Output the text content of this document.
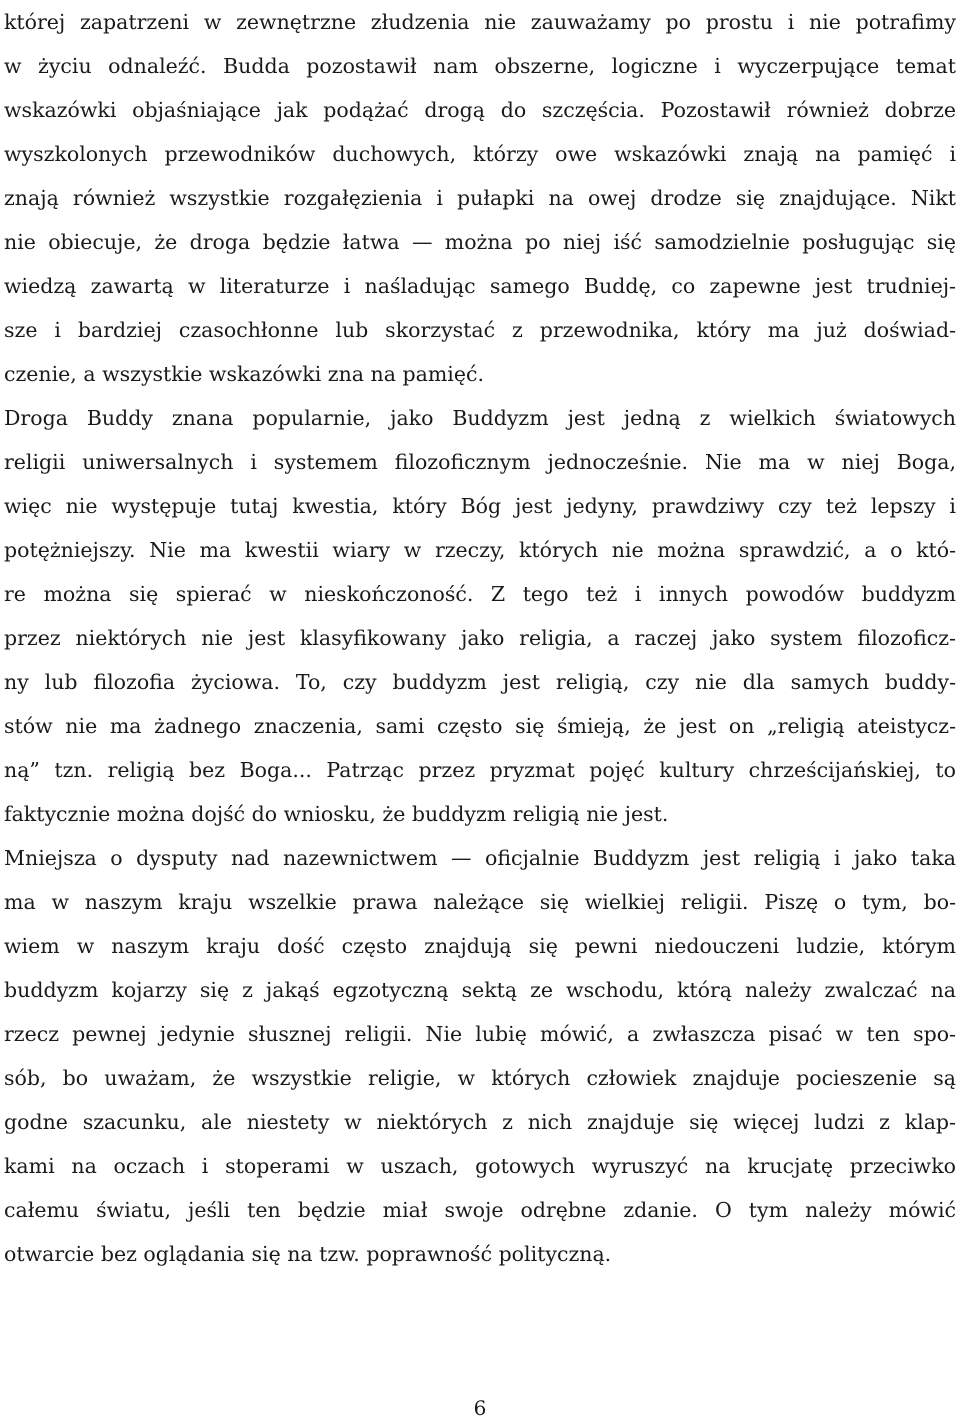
której zapatrzeni w zewnętrzne złudzenia nie zauważamy po prostu i nie potrafimy
w życiu odnaleźć. Budda pozostawił nam obszerne, logiczne i wyczerpujące temat
wskazówki objaśniające jak podążać drogą do szczęścia. Pozostawił również dobrze
wyszkolonych przewodników duchowych, którzy owe wskazówki znają na pamięć i
znają również wszystkie rozgałęzienia i pułapki na owej drodze się znajdujące. Nikt
nie obiecuje, że droga będzie łatwa — można po niej iść samodzielnie posługując się
wiedzą zawartą w literaturze i naśladując samego Buddę, co zapewne jest trudniej-
sze i bardziej czasochłonne lub skorzystać z przewodnika, który ma już doświad-
czenie, a wszystkie wskazówki zna na pamięć.
Droga Buddy znana popularnie, jako Buddyzm jest jedną z wielkich światowych
religii uniwersalnych i systemem filozoficznym jednocześnie. Nie ma w niej Boga,
więc nie występuje tutaj kwestia, który Bóg jest jedyny, prawdziwy czy też lepszy i
potężniejszy. Nie ma kwestii wiary w rzeczy, których nie można sprawdzić, a o któ-
re można się spierać w nieskończoność. Z tego też i innych powodów buddyzm
przez niektórych nie jest klasyfikowany jako religia, a raczej jako system filozoficz-
ny lub filozofia życiowa. To, czy buddyzm jest religią, czy nie dla samych buddy-
stów nie ma żadnego znaczenia, sami często się śmieją, że jest on „religią ateistycz-
ną” tzn. religią bez Boga... Patrząc przez pryzmat pojęć kultury chrześcijańskiej, to
faktycznie można dojść do wniosku, że buddyzm religią nie jest.
Mniejsza o dysputy nad nazewnictwem — oficjalnie Buddyzm jest religią i jako taka
ma w naszym kraju wszelkie prawa należące się wielkiej religii. Piszę o tym, bo-
wiem w naszym kraju dość często znajdują się pewni niedouczeni ludzie, którym
buddyzm kojarzy się z jakąś egzotyczną sektą ze wschodu, którą należy zwalczać na
rzecz pewnej jedynie słusznej religii. Nie lubię mówić, a zwłaszcza pisać w ten spo-
sób, bo uważam, że wszystkie religie, w których człowiek znajduje pocieszenie są
godne szacunku, ale niestety w niektórych z nich znajduje się więcej ludzi z klap-
kami na oczach i stoperami w uszach, gotowych wyruszyć na krucjatę przeciwko
całemu światu, jeśli ten będzie miał swoje odrębne zdanie. O tym należy mówić
otwarcie bez oglądania się na tzw. poprawność polityczną.
6
